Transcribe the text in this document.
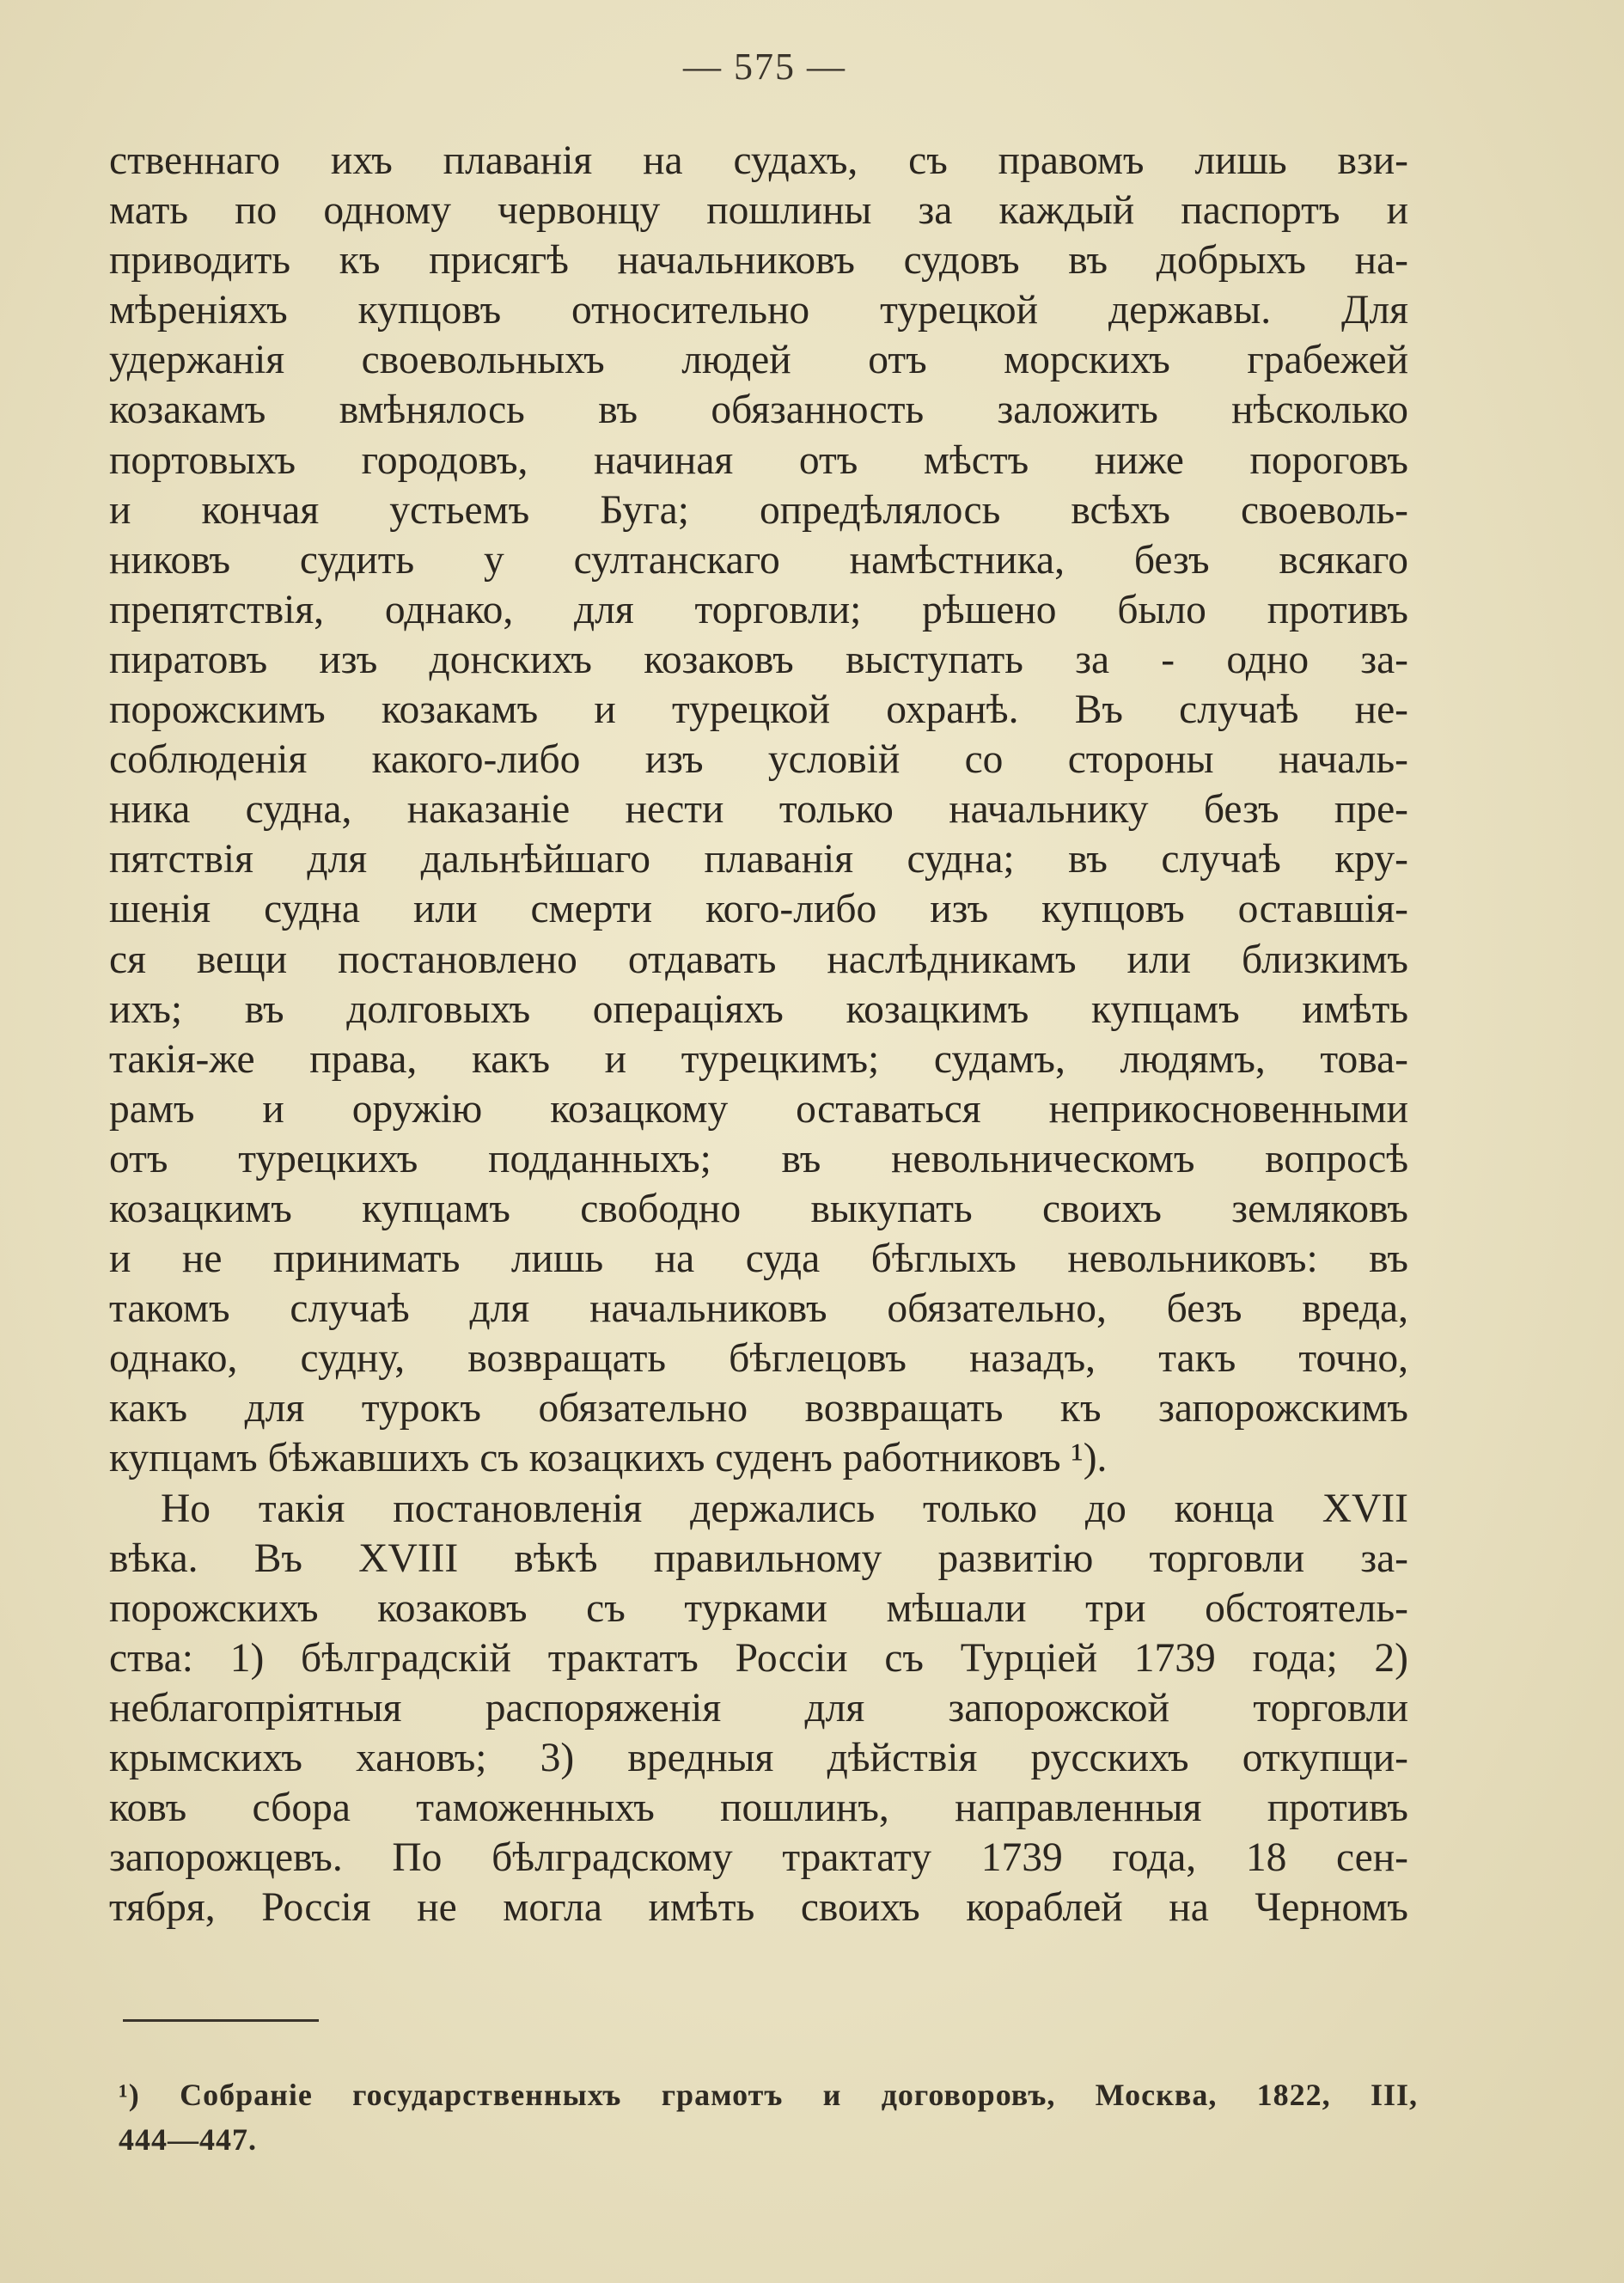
— 575 —
ственнаго ихъ плаванія на судахъ, съ правомъ лишь взи-
мать по одному червонцу пошлины за каждый паспортъ и
приводить къ присягѣ начальниковъ судовъ въ добрыхъ на-
мѣреніяхъ купцовъ относительно турецкой державы. Для
удержанія своевольныхъ людей отъ морскихъ грабежей
козакамъ вмѣнялось въ обязанность заложить нѣсколько
портовыхъ городовъ, начиная отъ мѣстъ ниже пороговъ
и кончая устьемъ Буга; опредѣлялось всѣхъ своеволь-
никовъ судить у султанскаго намѣстника, безъ всякаго
препятствія, однако, для торговли; рѣшено было противъ
пиратовъ изъ донскихъ козаковъ выступать за - одно за-
порожскимъ козакамъ и турецкой охранѣ. Въ случаѣ не-
соблюденія какого-либо изъ условій со стороны началь-
ника судна, наказаніе нести только начальнику безъ пре-
пятствія для дальнѣйшаго плаванія судна; въ случаѣ кру-
шенія судна или смерти кого-либо изъ купцовъ оставшія-
ся вещи постановлено отдавать наслѣдникамъ или близкимъ
ихъ; въ долговыхъ операціяхъ козацкимъ купцамъ имѣть
такія-же права, какъ и турецкимъ; судамъ, людямъ, това-
рамъ и оружію козацкому оставаться неприкосновенными
отъ турецкихъ подданныхъ; въ невольническомъ вопросѣ
козацкимъ купцамъ свободно выкупать своихъ земляковъ
и не принимать лишь на суда бѣглыхъ невольниковъ: въ
такомъ случаѣ для начальниковъ обязательно, безъ вреда,
однако, судну, возвращать бѣглецовъ назадъ, такъ точно,
какъ для турокъ обязательно возвращать къ запорожскимъ
купцамъ бѣжавшихъ съ козацкихъ суденъ работниковъ ¹).
Но такія постановленія держались только до конца XVII
вѣка. Въ XVIII вѣкѣ правильному развитію торговли за-
порожскихъ козаковъ съ турками мѣшали три обстоятель-
ства: 1) бѣлградскій трактатъ Россіи съ Турціей 1739 года; 2)
неблагопріятныя распоряженія для запорожской торговли
крымскихъ хановъ; 3) вредныя дѣйствія русскихъ откупщи-
ковъ сбора таможенныхъ пошлинъ, направленныя противъ
запорожцевъ. По бѣлградскому трактату 1739 года, 18 сен-
тября, Россія не могла имѣть своихъ кораблей на Черномъ
¹) Собраніе государственныхъ грамотъ и договоровъ, Москва, 1822, III,
444—447.
